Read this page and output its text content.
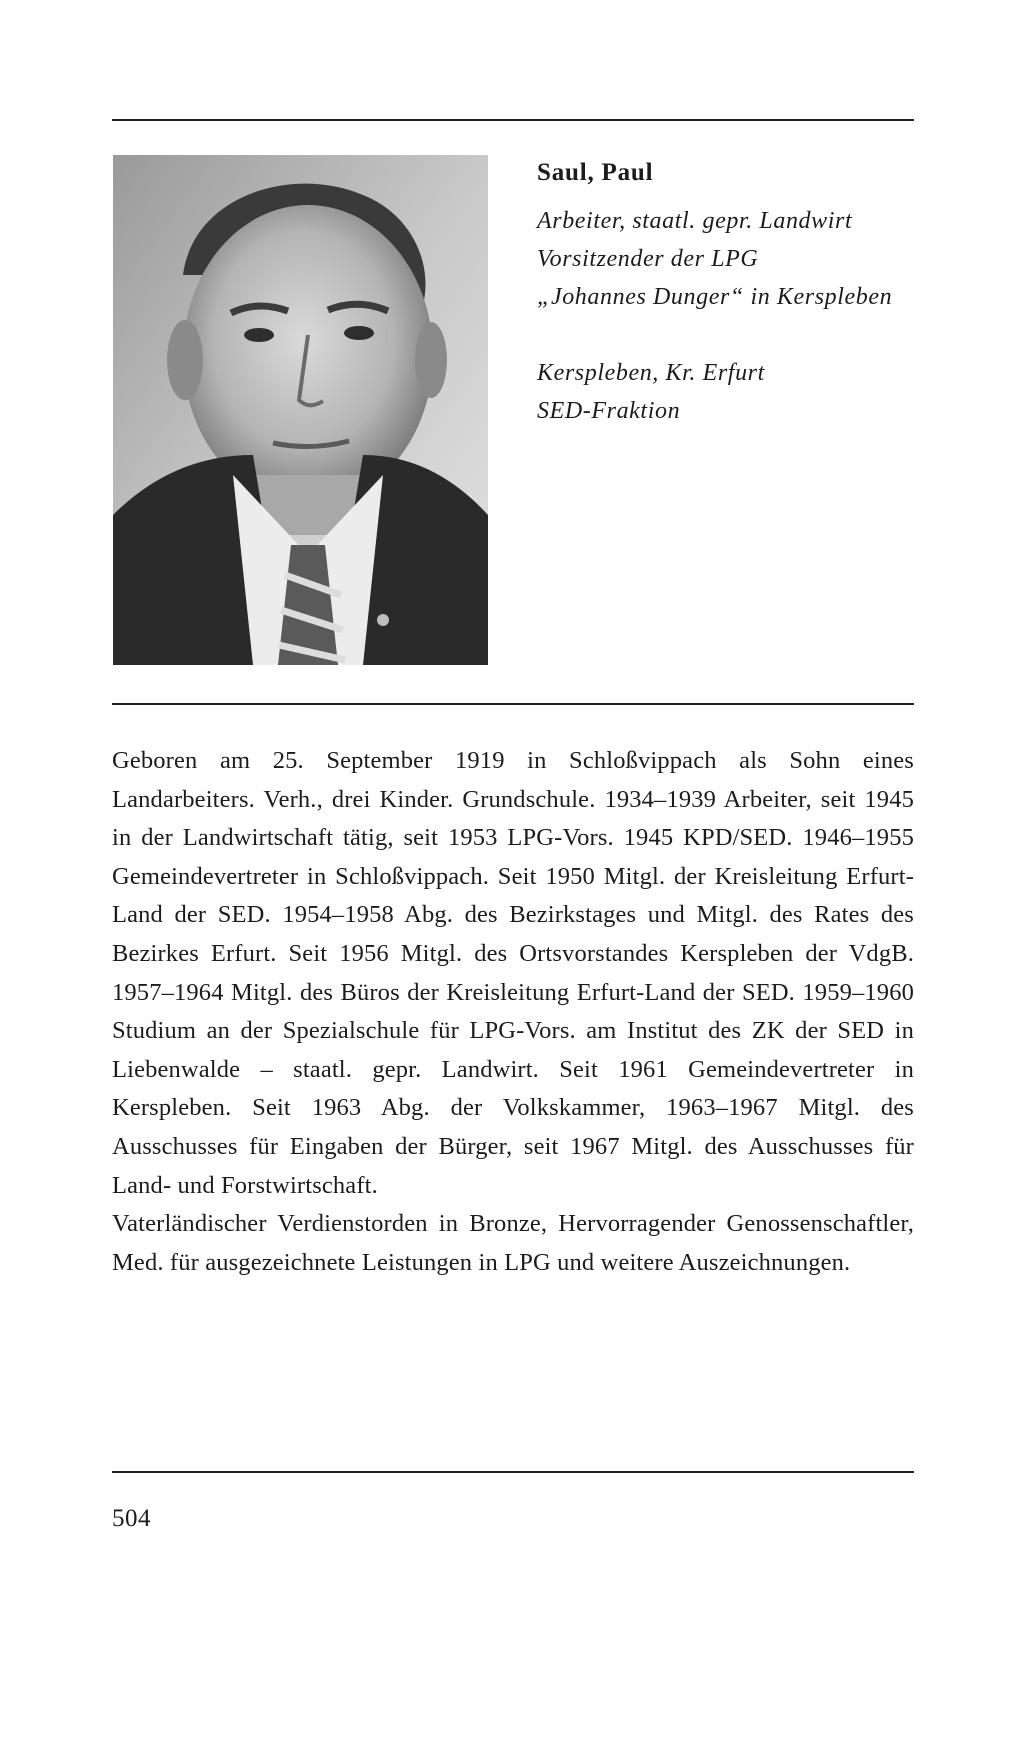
Saul, Paul

Arbeiter, staatl. gepr. Landwirt

Vorsitzender der LPG

„Johannes Dunger“ in Kerspleben

Kerspleben, Kr. Erfurt

SED-Fraktion

Geboren am 25. September 1919 in Schloßvippach als Sohn eines Landarbeiters. Verh., drei Kinder. Grundschule. 1934–1939 Arbeiter, seit 1945 in der Landwirtschaft tätig, seit 1953 LPG-Vors. 1945 KPD/SED. 1946–1955 Gemeindevertreter in Schloßvippach. Seit 1950 Mitgl. der Kreisleitung Erfurt-Land der SED. 1954–1958 Abg. des Bezirkstages und Mitgl. des Rates des Bezirkes Erfurt. Seit 1956 Mitgl. des Ortsvorstandes Kerspleben der VdgB. 1957–1964 Mitgl. des Büros der Kreisleitung Erfurt-Land der SED. 1959–1960 Studium an der Spezialschule für LPG-Vors. am Institut des ZK der SED in Liebenwalde – staatl. gepr. Landwirt. Seit 1961 Gemeindevertreter in Kerspleben. Seit 1963 Abg. der Volkskammer, 1963–1967 Mitgl. des Ausschusses für Eingaben der Bürger, seit 1967 Mitgl. des Ausschusses für Land- und Forstwirtschaft.

Vaterländischer Verdienstorden in Bronze, Hervorragender Genossenschaftler, Med. für ausgezeichnete Leistungen in LPG und weitere Auszeichnungen.

504
